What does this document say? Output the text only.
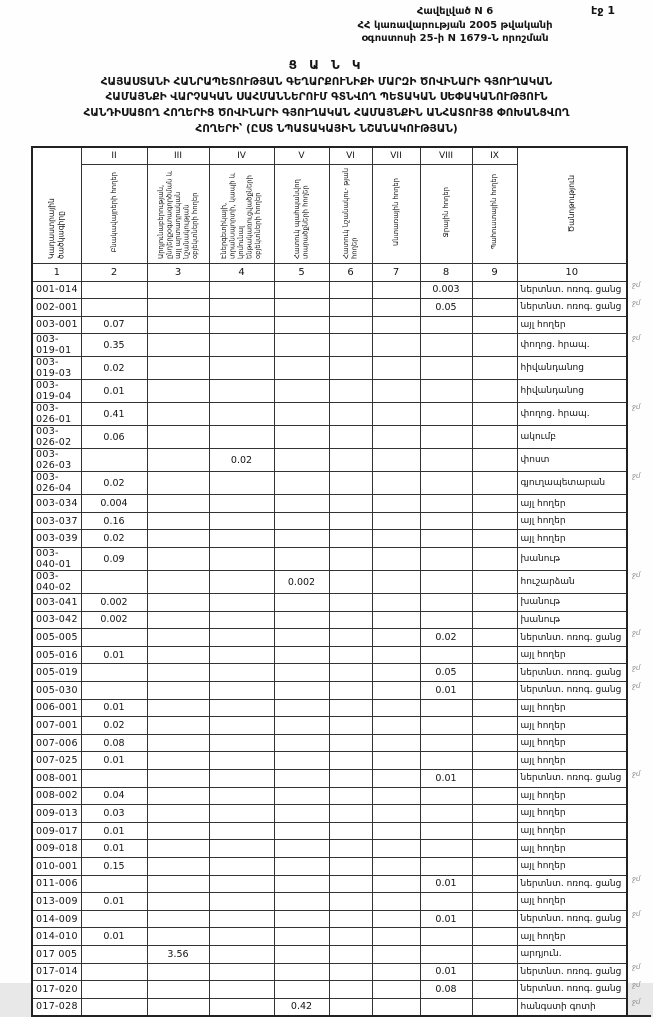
էջ 1
Հավելված N 6
ՀՀ կառավարության 2005 թվականի
օգոստոսի 25-ի N 1679-Ն որոշման
Ց Ա Ն Կ
ՀԱՅԱՍՏԱՆԻ ՀԱՆՐԱՊԵՏՈՒԹՅԱՆ ԳԵՂԱՐՔՈՒՆԻՔԻ ՄԱՐԶԻ ԾՈՎԻՆԱՐԻ ԳՅՈՒՂԱԿԱՆ
ՀԱՄԱՅՆՔԻ ՎԱՐՉԱԿԱՆ ՍԱՀՄԱՆՆԵՐՈՒՄ ԳՏՆՎՈՂ ՊԵՏԱԿԱՆ ՍԵՓԱԿԱՆՈՒԹՅՈՒՆ
ՀԱՆԴԻՍԱՑՈՂ ՀՈՂԵՐԻՑ ԾՈՎԻՆԱՐԻ ԳՅՈՒՂԱԿԱՆ ՀԱՄԱՅՆՔԻՆ ԱՆՀԱՏՈՒՅՑ ՓՈԽԱՆՑՎՈՂ
ՀՈՂԵՐԻ՝ (ԸՍՏ ՆՊԱՏԱԿԱՅԻՆ ՆՇԱՆԱԿՈՒԹՅԱՆ)
Կադաստրային ծածկագիրը	II	III	IV	V	VI	VII	VIII	IX	Ծանոթություն	
	Բնակավայրերի հողեր	Արդյունաբերության, ընդերքօգտագործման և այլ արտադրական նշանակության օբյեկտների հողեր	Էներգետիկայի, տրանսպորտի, կապի և կոմունալ ենթակառուցվածքների օբյեկտների հողեր	Հատուկ պահպանվող տարածքների հողեր	Հատուկ նշանակու- թյան հողեր	Անտառային հողեր	Ջրային հողեր	Պահուստային հողեր		
1	2	3	4	5	6	7	8	9	10	
001-014							0.003		ներտնտ. ոռոգ. ցանց	ջմ
002-001							0.05		ներտնտ. ոռոգ. ցանց	ջմ
003-001	0.07								այլ հողեր	
003-019-01	0.35								փողոց. հրապ.	ջմ
003-019-03	0.02								հիվանդանոց	
003-019-04	0.01								հիվանդանոց	
003-026-01	0.41								փողոց. հրապ.	ջմ
003-026-02	0.06								ակումբ	
003-026-03			0.02						փոստ	
003-026-04	0.02								գյուղապետարան	ջմ
003-034	0.004								այլ հողեր	
003-037	0.16								այլ հողեր	
003-039	0.02								այլ հողեր	
003-040-01	0.09								խանութ	
003-040-02				0.002					հուշարձան	ջմ
003-041	0.002								խանութ	
003-042	0.002								խանութ	
005-005							0.02		ներտնտ. ոռոգ. ցանց	ջմ
005-016	0.01								այլ հողեր	
005-019							0.05		ներտնտ. ոռոգ. ցանց	ջմ
005-030							0.01		ներտնտ. ոռոգ. ցանց	ջմ
006-001	0.01								այլ հողեր	
007-001	0.02								այլ հողեր	
007-006	0.08								այլ հողեր	
007-025	0.01								այլ հողեր	
008-001							0.01		ներտնտ. ոռոգ. ցանց	ջմ
008-002	0.04								այլ հողեր	
009-013	0.03								այլ հողեր	
009-017	0.01								այլ հողեր	
009-018	0.01								այլ հողեր	
010-001	0.15								այլ հողեր	
011-006							0.01		ներտնտ. ոռոգ. ցանց	ջմ
013-009	0.01								այլ հողեր	
014-009							0.01		ներտնտ. ոռոգ. ցանց	ջմ
014-010	0.01								այլ հողեր	
017 005		3.56							արդյուն.	
017-014							0.01		ներտնտ. ոռոգ. ցանց	ջմ
017-020							0.08		ներտնտ. ոռոգ. ցանց	ջմ
017-028				0.42					հանգստի գոտի	ջմ
